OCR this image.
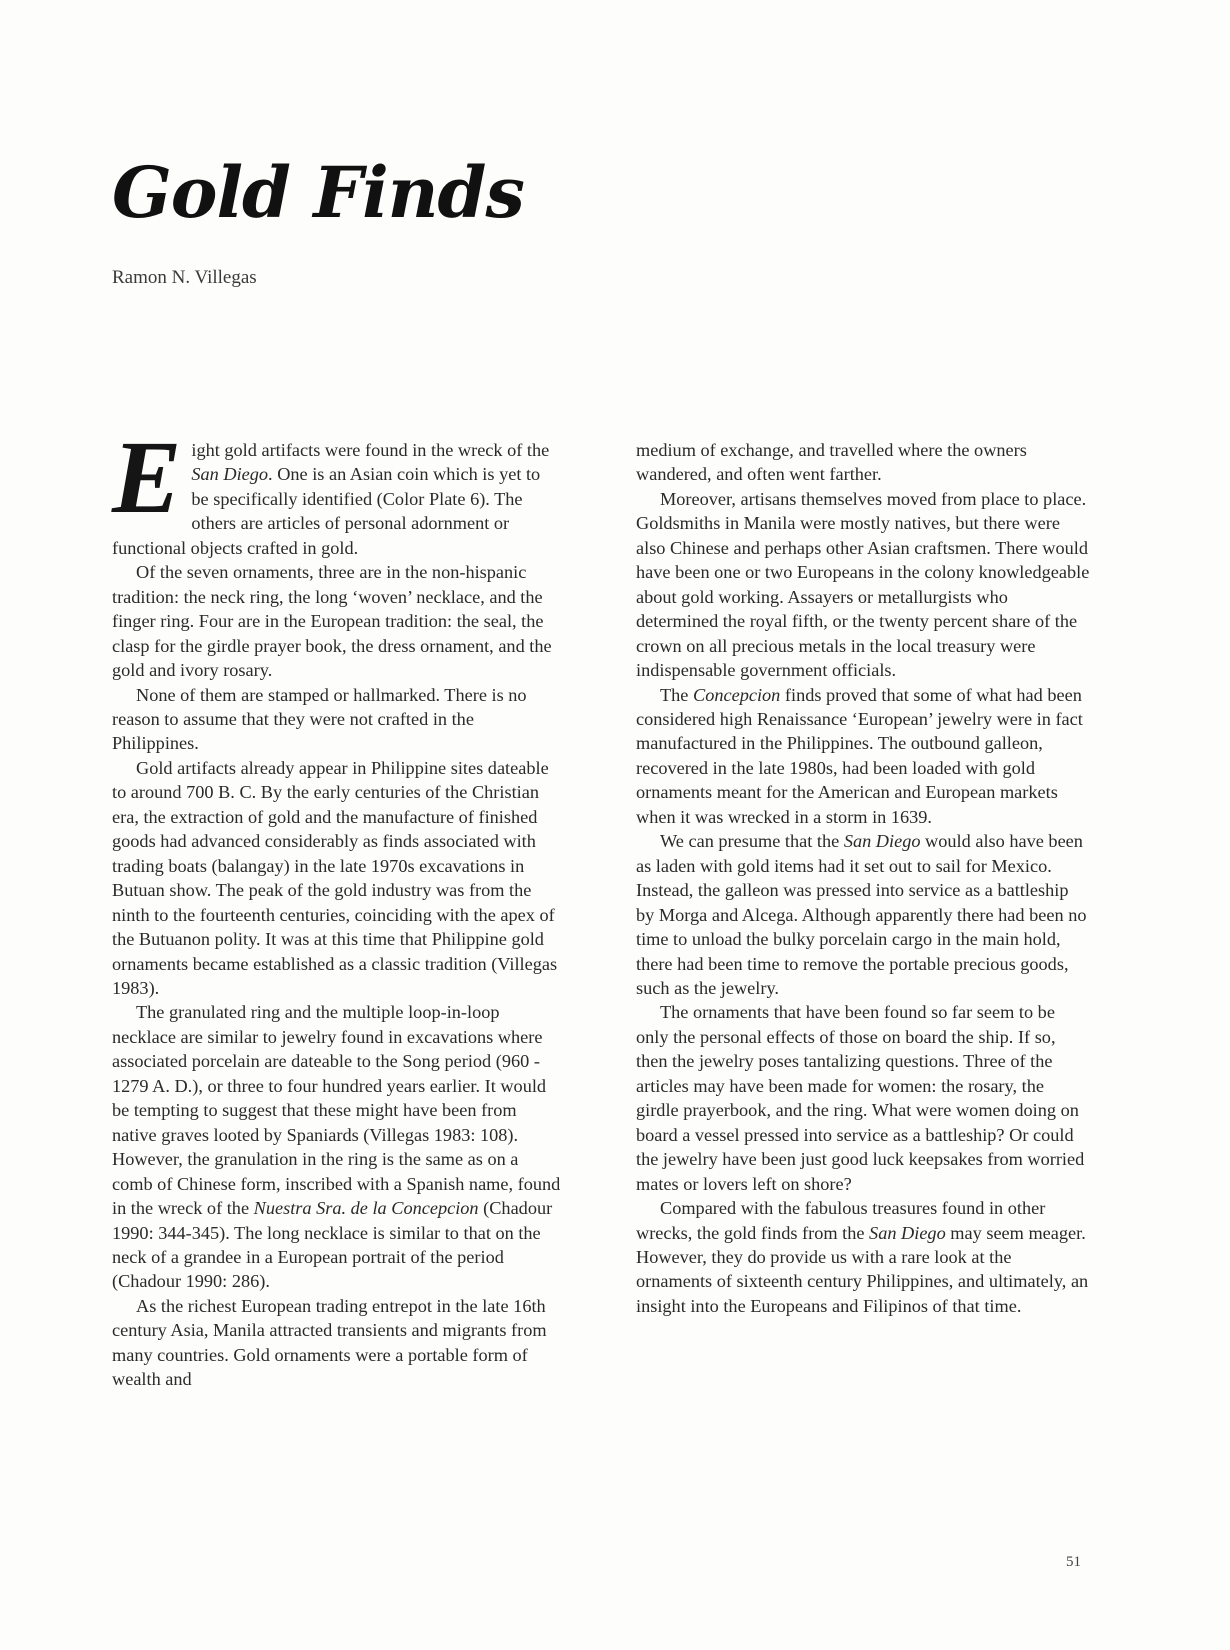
Gold Finds
Ramon N. Villegas

Eight gold artifacts were found in the wreck of the San Diego. One is an Asian coin which is yet to be specifically identified (Color Plate 6). The others are articles of personal adornment or functional objects crafted in gold.

Of the seven ornaments, three are in the non-hispanic tradition: the neck ring, the long ‘woven’ necklace, and the finger ring. Four are in the European tradition: the seal, the clasp for the girdle prayer book, the dress ornament, and the gold and ivory rosary.

None of them are stamped or hallmarked. There is no reason to assume that they were not crafted in the Philippines.

Gold artifacts already appear in Philippine sites dateable to around 700 B. C. By the early centuries of the Christian era, the extraction of gold and the manufacture of finished goods had advanced considerably as finds associated with trading boats (balangay) in the late 1970s excavations in Butuan show. The peak of the gold industry was from the ninth to the fourteenth centuries, coinciding with the apex of the Butuanon polity. It was at this time that Philippine gold ornaments became established as a classic tradition (Villegas 1983).

The granulated ring and the multiple loop-in-loop necklace are similar to jewelry found in excavations where associated porcelain are dateable to the Song period (960 - 1279 A. D.), or three to four hundred years earlier. It would be tempting to suggest that these might have been from native graves looted by Spaniards (Villegas 1983: 108). However, the granulation in the ring is the same as on a comb of Chinese form, inscribed with a Spanish name, found in the wreck of the Nuestra Sra. de la Concepcion (Chadour 1990: 344-345). The long necklace is similar to that on the neck of a grandee in a European portrait of the period (Chadour 1990: 286).

As the richest European trading entrepot in the late 16th century Asia, Manila attracted transients and migrants from many countries. Gold ornaments were a portable form of wealth and

medium of exchange, and travelled where the owners wandered, and often went farther.

Moreover, artisans themselves moved from place to place. Goldsmiths in Manila were mostly natives, but there were also Chinese and perhaps other Asian craftsmen. There would have been one or two Europeans in the colony knowledgeable about gold working. Assayers or metallurgists who determined the royal fifth, or the twenty percent share of the crown on all precious metals in the local treasury were indispensable government officials.

The Concepcion finds proved that some of what had been considered high Renaissance ‘European’ jewelry were in fact manufactured in the Philippines. The outbound galleon, recovered in the late 1980s, had been loaded with gold ornaments meant for the American and European markets when it was wrecked in a storm in 1639.

We can presume that the San Diego would also have been as laden with gold items had it set out to sail for Mexico. Instead, the galleon was pressed into service as a battleship by Morga and Alcega. Although apparently there had been no time to unload the bulky porcelain cargo in the main hold, there had been time to remove the portable precious goods, such as the jewelry.

The ornaments that have been found so far seem to be only the personal effects of those on board the ship. If so, then the jewelry poses tantalizing questions. Three of the articles may have been made for women: the rosary, the girdle prayerbook, and the ring. What were women doing on board a vessel pressed into service as a battleship? Or could the jewelry have been just good luck keepsakes from worried mates or lovers left on shore?

Compared with the fabulous treasures found in other wrecks, the gold finds from the San Diego may seem meager. However, they do provide us with a rare look at the ornaments of sixteenth century Philippines, and ultimately, an insight into the Europeans and Filipinos of that time.

51
